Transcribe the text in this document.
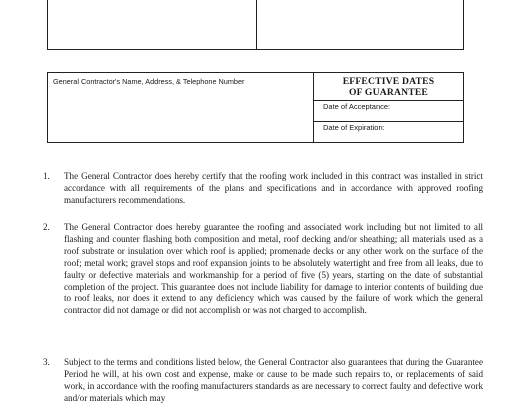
General Contractor's Name, Address, & Telephone Number	EFFECTIVE DATES
OF GUARANTEE
Date of Acceptance:
Date of Expiration:
1. The General Contractor does hereby certify that the roofing work included in this contract was installed in strict accordance with all requirements of the plans and specifications and in accordance with approved roofing manufacturers recommendations.
2. The General Contractor does hereby guarantee the roofing and associated work including but not limited to all flashing and counter flashing both composition and metal, roof decking and/or sheathing; all materials used as a roof substrate or insulation over which roof is applied; promenade decks or any other work on the surface of the roof; metal work; gravel stops and roof expansion joints to be absolutely watertight and free from all leaks, due to faulty or defective materials and workmanship for a period of five (5) years, starting on the date of substantial completion of the project. This guarantee does not include liability for damage to interior contents of building due to roof leaks, nor does it extend to any deficiency which was caused by the failure of work which the general contractor did not damage or did not accomplish or was not charged to accomplish.
3. Subject to the terms and conditions listed below, the General Contractor also guarantees that during the Guarantee Period he will, at his own cost and expense, make or cause to be made such repairs to, or replacements of said work, in accordance with the roofing manufacturers standards as are necessary to correct faulty and defective work and/or materials which may
